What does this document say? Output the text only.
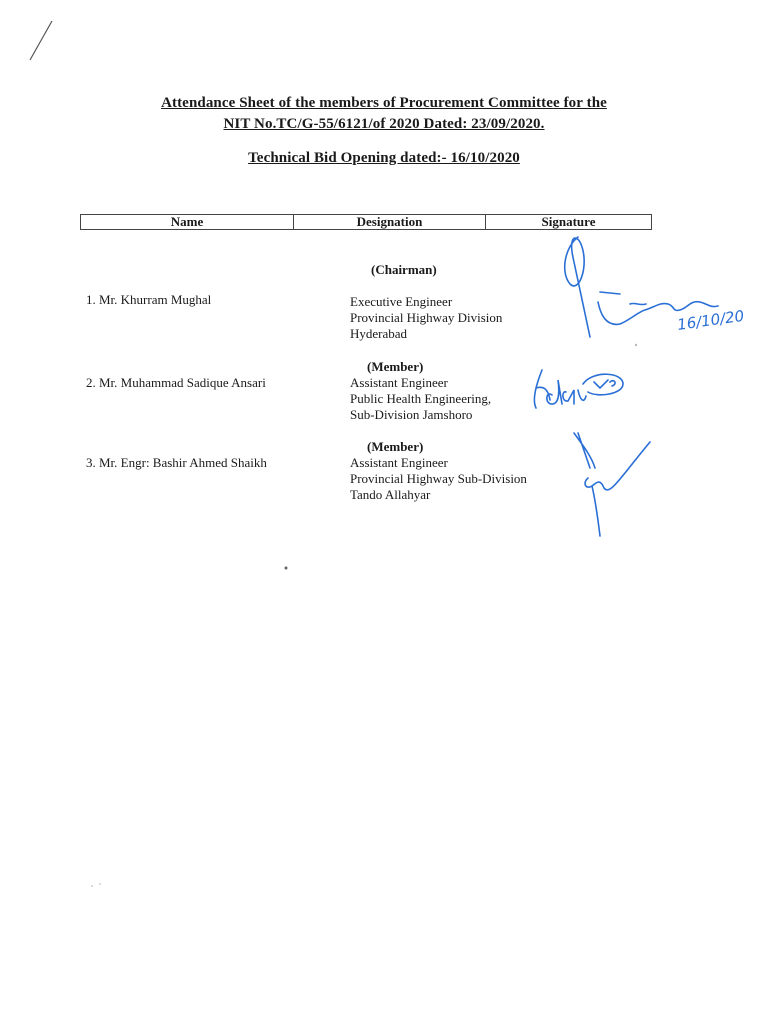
Attendance Sheet of the members of Procurement Committee for the
NIT No.TC/G-55/6121/of 2020 Dated: 23/09/2020.
Technical Bid Opening dated:- 16/10/2020
Name	Designation	Signature
(Chairman)
1. Mr. Khurram Mughal	Executive Engineer
Provincial Highway Division
Hyderabad	16/10/20
(Member)
2. Mr. Muhammad Sadique Ansari	Assistant Engineer
Public Health Engineering,
Sub-Division Jamshoro
(Member)
3. Mr. Engr: Bashir Ahmed Shaikh	Assistant Engineer
Provincial Highway Sub-Division
Tando Allahyar
